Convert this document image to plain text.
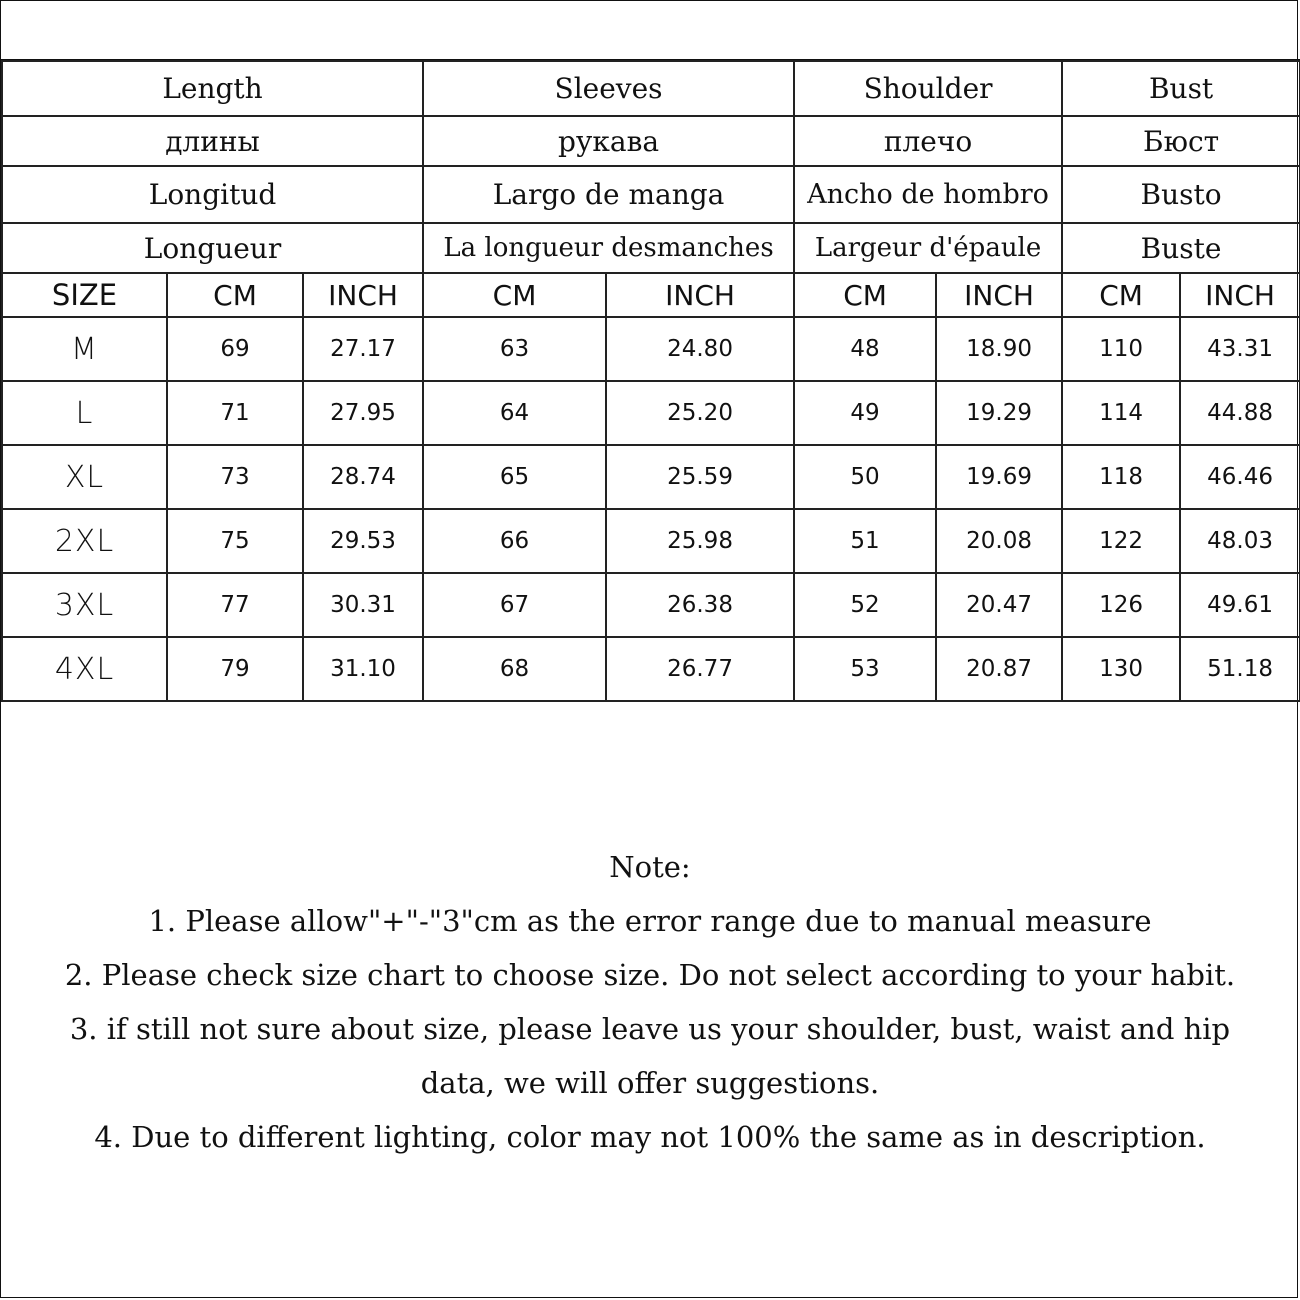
Length			Sleeves		Shoulder		Bust	
длины			рукава		плечо		Бюст	
Longitud			Largo de manga		Ancho de hombro		Busto	
Longueur			La longueur desmanches		Largeur d'épaule		Buste	
SIZE	CM	INCH	CM	INCH	CM	INCH	CM	INCH
M	69	27.17	63	24.80	48	18.90	110	43.31
L	71	27.95	64	25.20	49	19.29	114	44.88
XL	73	28.74	65	25.59	50	19.69	118	46.46
2XL	75	29.53	66	25.98	51	20.08	122	48.03
3XL	77	30.31	67	26.38	52	20.47	126	49.61
4XL	79	31.10	68	26.77	53	20.87	130	51.18
Note:
1. Please allow"+"-"3"cm as the error range due to manual measure
2. Please check size chart to choose size. Do not select according to your habit.
3. if still not sure about size, please leave us your shoulder, bust, waist and hip
data, we will offer suggestions.
4. Due to different lighting, color may not 100% the same as in description.
